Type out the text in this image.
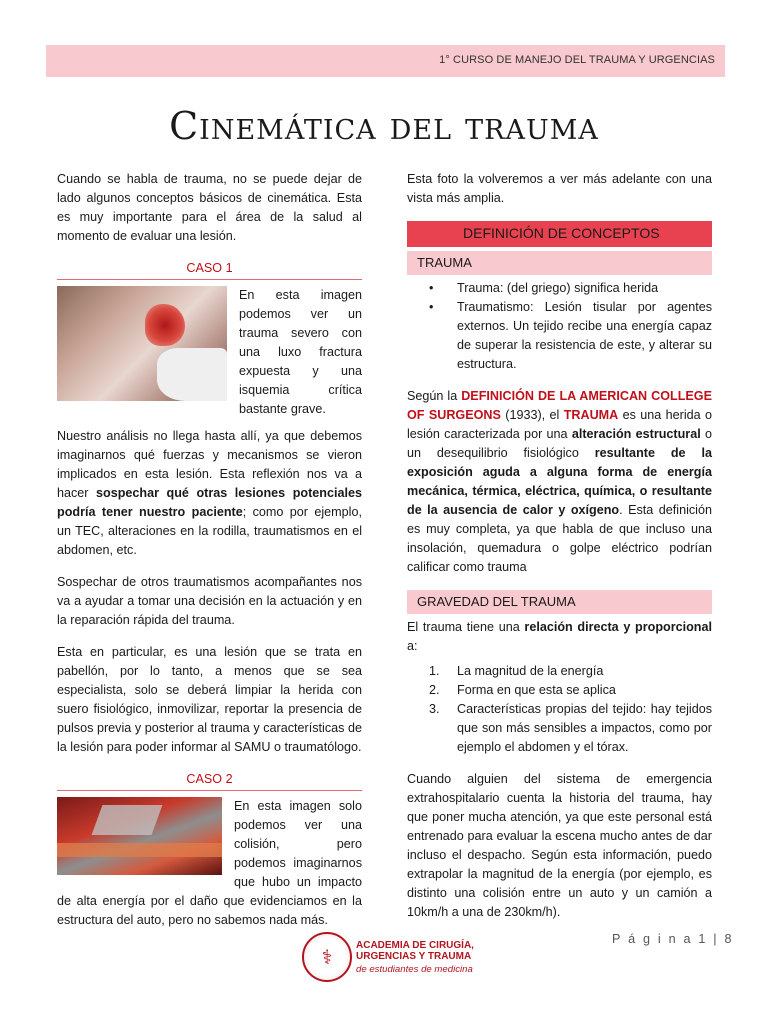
1° CURSO DE MANEJO DEL TRAUMA Y URGENCIAS
Cinemática del trauma

Cuando se habla de trauma, no se puede dejar de lado algunos conceptos básicos de cinemática. Esta es muy importante para el área de la salud al momento de evaluar una lesión.

CASO 1
En esta imagen podemos ver un trauma severo con una luxo fractura expuesta y una isquemia crítica bastante grave.

Nuestro análisis no llega hasta allí, ya que debemos imaginarnos qué fuerzas y mecanismos se vieron implicados en esta lesión. Esta reflexión nos va a hacer sospechar qué otras lesiones potenciales podría tener nuestro paciente; como por ejemplo, un TEC, alteraciones en la rodilla, traumatismos en el abdomen, etc.

Sospechar de otros traumatismos acompañantes nos va a ayudar a tomar una decisión en la actuación y en la reparación rápida del trauma.

Esta en particular, es una lesión que se trata en pabellón, por lo tanto, a menos que se sea especialista, solo se deberá limpiar la herida con suero fisiológico, inmovilizar, reportar la presencia de pulsos previa y posterior al trauma y características de la lesión para poder informar al SAMU o traumatólogo.

CASO 2
En esta imagen solo podemos ver una colisión, pero podemos imaginarnos que hubo un impacto de alta energía por el daño que evidenciamos en la estructura del auto, pero no sabemos nada más.

Esta foto la volveremos a ver más adelante con una vista más amplia.

DEFINICIÓN DE CONCEPTOS
TRAUMA
• Trauma: (del griego) significa herida
• Traumatismo: Lesión tisular por agentes externos. Un tejido recibe una energía capaz de superar la resistencia de este, y alterar su estructura.

Según la DEFINICIÓN DE LA AMERICAN COLLEGE OF SURGEONS (1933), el TRAUMA es una herida o lesión caracterizada por una alteración estructural o un desequilibrio fisiológico resultante de la exposición aguda a alguna forma de energía mecánica, térmica, eléctrica, química, o resultante de la ausencia de calor y oxígeno. Esta definición es muy completa, ya que habla de que incluso una insolación, quemadura o golpe eléctrico podrían calificar como trauma

GRAVEDAD DEL TRAUMA

El trauma tiene una relación directa y proporcional a:

1. La magnitud de la energía
2. Forma en que esta se aplica
3. Características propias del tejido: hay tejidos que son más sensibles a impactos, como por ejemplo el abdomen y el tórax.

Cuando alguien del sistema de emergencia extrahospitalario cuenta la historia del trauma, hay que poner mucha atención, ya que este personal está entrenado para evaluar la escena mucho antes de dar incluso el despacho. Según esta información, puedo extrapolar la magnitud de la energía (por ejemplo, es distinto una colisión entre un auto y un camión a 10km/h a una de 230km/h).

⚕	ACADEMIA DE CIRUGÍA,
URGENCIAS Y TRAUMA
de estudiantes de medicina
P á g i n a 1 | 8
